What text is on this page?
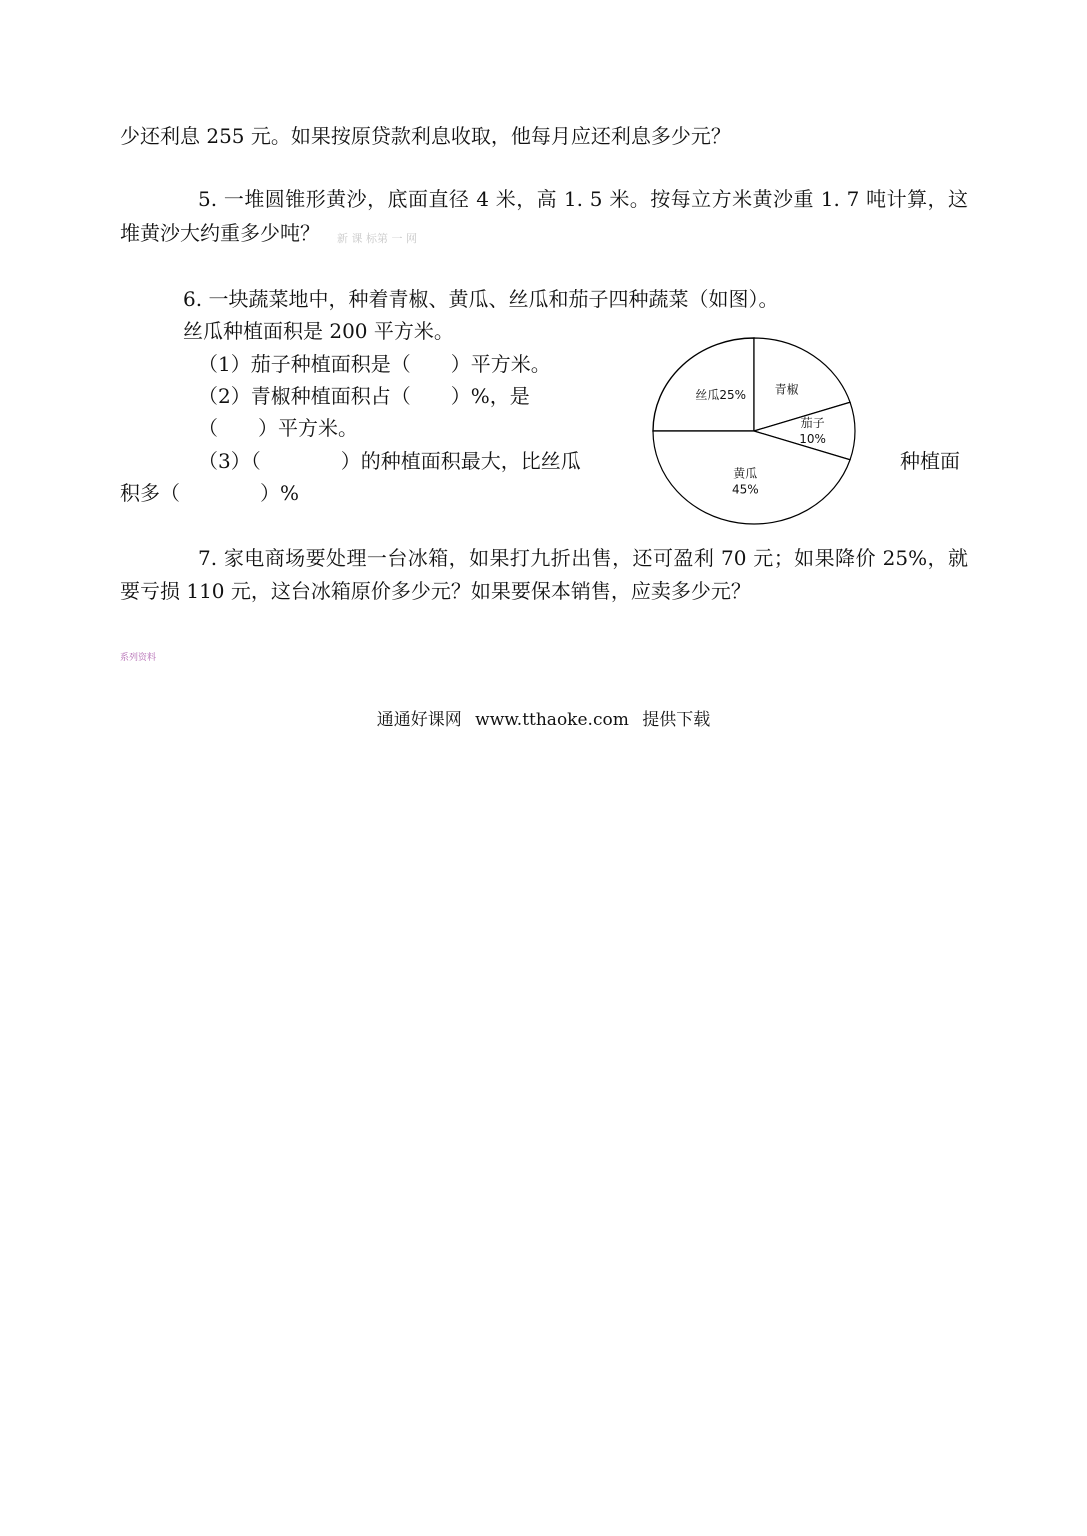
少还利息 255 元。如果按原贷款利息收取，他每月应还利息多少元？
5. 一堆圆锥形黄沙，底面直径 4 米，高 1. 5 米。按每立方米黄沙重 1. 7 吨计算，这
堆黄沙大约重多少吨？ 新 课 标第 一 网
6. 一块蔬菜地中，种着青椒、黄瓜、丝瓜和茄子四种蔬菜（如图）。
丝瓜种植面积是 200 平方米。
（1）茄子种植面积是（　　）平方米。
（2）青椒种植面积占（　　）%，是
（　　）平方米。
（3）（　　　　）的种植面积最大，比丝瓜	种植面
积多（　　　　）%
丝瓜25% 青椒
茄子 10%
黄瓜 45%
7. 家电商场要处理一台冰箱，如果打九折出售，还可盈利 70 元；如果降价 25%，就
要亏损 110 元，这台冰箱原价多少元？如果要保本销售，应卖多少元？
系列资料
通通好课网 www.tthaoke.com 提供下载
